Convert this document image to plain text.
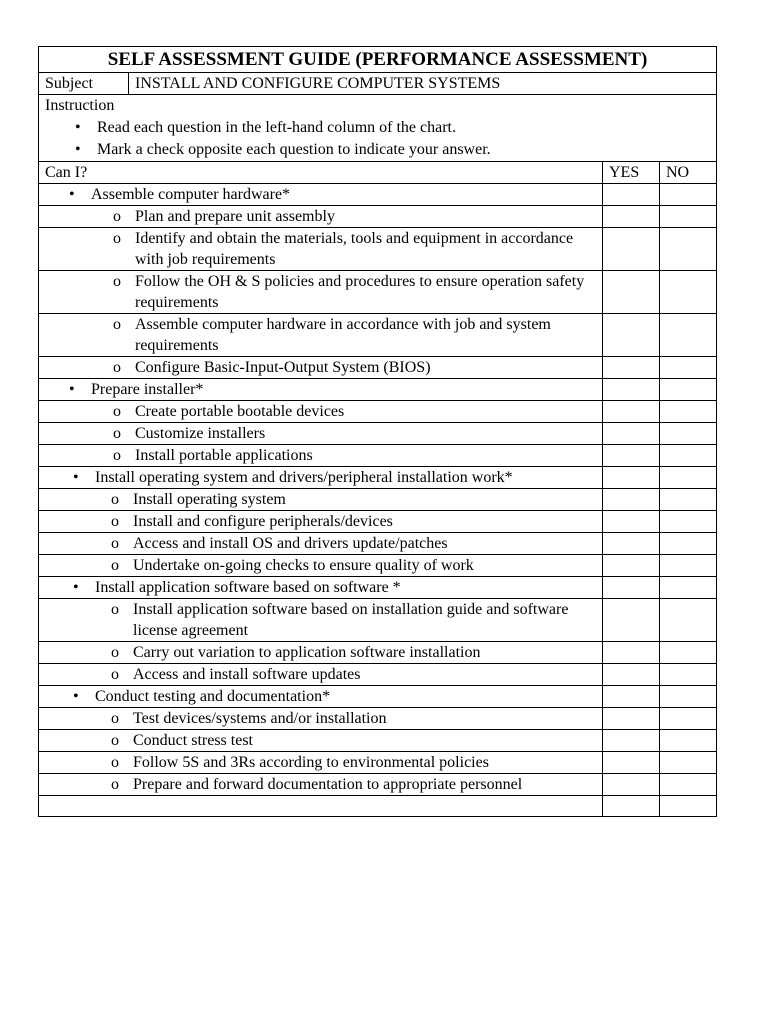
SELF ASSESSMENT GUIDE (PERFORMANCE ASSESSMENT)			
Subject	INSTALL AND CONFIGURE COMPUTER SYSTEMS		

Instruction
• Read each question in the left-hand column of the chart.
• Mark a check opposite each question to indicate your answer.			

Can I?		YES	NO

• Assemble computer hardware*			

o Plan and prepare unit assembly			

o Identify and obtain the materials, tools and equipment in accordance with job requirements			

o Follow the OH & S policies and procedures to ensure operation safety requirements			

o Assemble computer hardware in accordance with job and system requirements			

o Configure Basic-Input-Output System (BIOS)			

• Prepare installer*			

o Create portable bootable devices			

o Customize installers			

o Install portable applications			

• Install operating system and drivers/peripheral installation work*			

o Install operating system			

o Install and configure peripherals/devices			

o Access and install OS and drivers update/patches			

o Undertake on-going checks to ensure quality of work			

• Install application software based on software *			

o Install application software based on installation guide and software license agreement			

o Carry out variation to application software installation			

o Access and install software updates			

• Conduct testing and documentation*			

o Test devices/systems and/or installation			

o Conduct stress test			

o Follow 5S and 3Rs according to environmental policies			

o Prepare and forward documentation to appropriate personnel			
